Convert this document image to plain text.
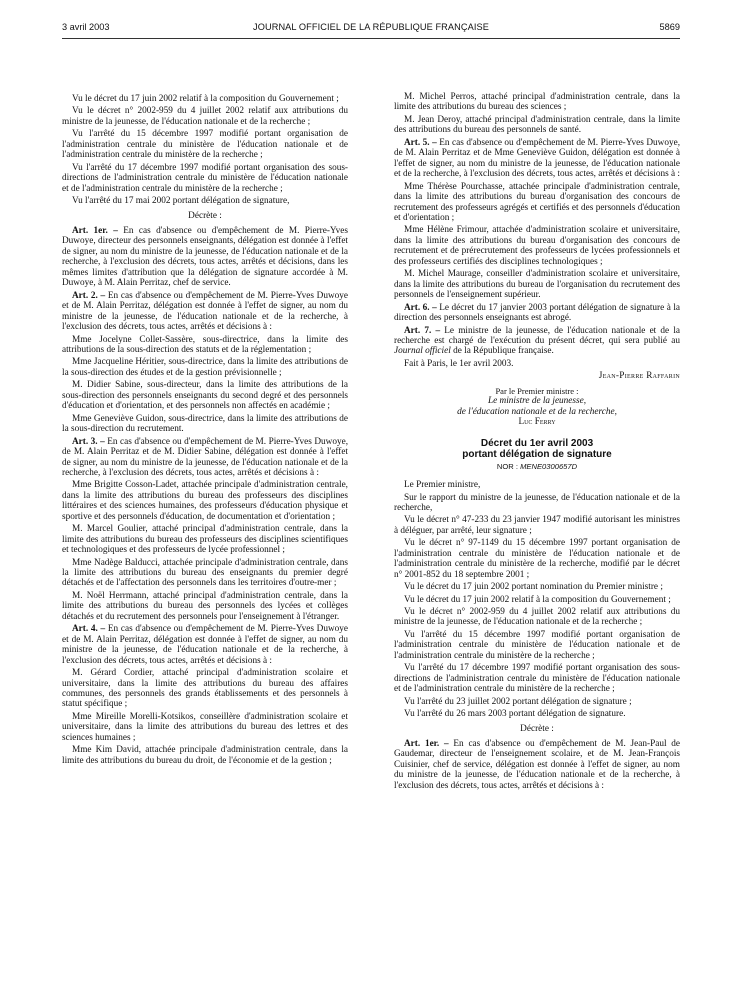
3 avril 2003	JOURNAL OFFICIEL DE LA RÉPUBLIQUE FRANÇAISE	5869

Vu le décret du 17 juin 2002 relatif à la composition du Gouvernement ;

Vu le décret n° 2002-959 du 4 juillet 2002 relatif aux attributions du ministre de la jeunesse, de l'éducation nationale et de la recherche ;

Vu l'arrêté du 15 décembre 1997 modifié portant organisation de l'administration centrale du ministère de l'éducation nationale et de l'administration centrale du ministère de la recherche ;

Vu l'arrêté du 17 décembre 1997 modifié portant organisation des sous-directions de l'administration centrale du ministère de l'éducation nationale et de l'administration centrale du ministère de la recherche ;

Vu l'arrêté du 17 mai 2002 portant délégation de signature,

Décrète :

Art. 1er. – En cas d'absence ou d'empêchement de M. Pierre-Yves Duwoye, directeur des personnels enseignants, délégation est donnée à l'effet de signer, au nom du ministre de la jeunesse, de l'éducation nationale et de la recherche, à l'exclusion des décrets, tous actes, arrêtés et décisions, dans les mêmes limites d'attribution que la délégation de signature accordée à M. Duwoye, à M. Alain Perritaz, chef de service.

Art. 2. – En cas d'absence ou d'empêchement de M. Pierre-Yves Duwoye et de M. Alain Perritaz, délégation est donnée à l'effet de signer, au nom du ministre de la jeunesse, de l'éducation nationale et de la recherche, à l'exclusion des décrets, tous actes, arrêtés et décisions à :

Mme Jocelyne Collet-Sassère, sous-directrice, dans la limite des attributions de la sous-direction des statuts et de la réglementation ;

Mme Jacqueline Héritier, sous-directrice, dans la limite des attributions de la sous-direction des études et de la gestion prévisionnelle ;

M. Didier Sabine, sous-directeur, dans la limite des attributions de la sous-direction des personnels enseignants du second degré et des personnels d'éducation et d'orientation, et des personnels non affectés en académie ;

Mme Geneviève Guidon, sous-directrice, dans la limite des attributions de la sous-direction du recrutement.

Art. 3. – En cas d'absence ou d'empêchement de M. Pierre-Yves Duwoye, de M. Alain Perritaz et de M. Didier Sabine, délégation est donnée à l'effet de signer, au nom du ministre de la jeunesse, de l'éducation nationale et de la recherche, à l'exclusion des décrets, tous actes, arrêtés et décisions à :

Mme Brigitte Cosson-Ladet, attachée principale d'administration centrale, dans la limite des attributions du bureau des professeurs des disciplines littéraires et des sciences humaines, des professeurs d'éducation physique et sportive et des personnels d'éducation, de documentation et d'orientation ;

M. Marcel Goulier, attaché principal d'administration centrale, dans la limite des attributions du bureau des professeurs des disciplines scientifiques et technologiques et des professeurs de lycée professionnel ;

Mme Nadège Balducci, attachée principale d'administration centrale, dans la limite des attributions du bureau des enseignants du premier degré détachés et de l'affectation des personnels dans les territoires d'outre-mer ;

M. Noël Herrmann, attaché principal d'administration centrale, dans la limite des attributions du bureau des personnels des lycées et collèges détachés et du recrutement des personnels pour l'enseignement à l'étranger.

Art. 4. – En cas d'absence ou d'empêchement de M. Pierre-Yves Duwoye et de M. Alain Perritaz, délégation est donnée à l'effet de signer, au nom du ministre de la jeunesse, de l'éducation nationale et de la recherche, à l'exclusion des décrets, tous actes, arrêtés et décisions à :

M. Gérard Cordier, attaché principal d'administration scolaire et universitaire, dans la limite des attributions du bureau des affaires communes, des personnels des grands établissements et des personnels à statut spécifique ;

Mme Mireille Morelli-Kotsikos, conseillère d'administration scolaire et universitaire, dans la limite des attributions du bureau des lettres et des sciences humaines ;

Mme Kim David, attachée principale d'administration centrale, dans la limite des attributions du bureau du droit, de l'économie et de la gestion ;

M. Michel Perros, attaché principal d'administration centrale, dans la limite des attributions du bureau des sciences ;

M. Jean Deroy, attaché principal d'administration centrale, dans la limite des attributions du bureau des personnels de santé.

Art. 5. – En cas d'absence ou d'empêchement de M. Pierre-Yves Duwoye, de M. Alain Perritaz et de Mme Geneviève Guidon, délégation est donnée à l'effet de signer, au nom du ministre de la jeunesse, de l'éducation nationale et de la recherche, à l'exclusion des décrets, tous actes, arrêtés et décisions à :

Mme Thérèse Pourchasse, attachée principale d'administration centrale, dans la limite des attributions du bureau d'organisation des concours de recrutement des professeurs agrégés et certifiés et des personnels d'éducation et d'orientation ;

Mme Hélène Frimour, attachée d'administration scolaire et universitaire, dans la limite des attributions du bureau d'organisation des concours de recrutement et de prérecrutement des professeurs de lycées professionnels et des professeurs certifiés des disciplines technologiques ;

M. Michel Maurage, conseiller d'administration scolaire et universitaire, dans la limite des attributions du bureau de l'organisation du recrutement des personnels de l'enseignement supérieur.

Art. 6. – Le décret du 17 janvier 2003 portant délégation de signature à la direction des personnels enseignants est abrogé.

Art. 7. – Le ministre de la jeunesse, de l'éducation nationale et de la recherche est chargé de l'exécution du présent décret, qui sera publié au Journal officiel de la République française.

Fait à Paris, le 1er avril 2003.

Jean-Pierre Raffarin

Par le Premier ministre :

Le ministre de la jeunesse,

de l'éducation nationale et de la recherche,

Luc Ferry

Décret du 1er avril 2003
portant délégation de signature
NOR : MENE0300657D

Le Premier ministre,

Sur le rapport du ministre de la jeunesse, de l'éducation nationale et de la recherche,

Vu le décret n° 47-233 du 23 janvier 1947 modifié autorisant les ministres à déléguer, par arrêté, leur signature ;

Vu le décret n° 97-1149 du 15 décembre 1997 portant organisation de l'administration centrale du ministère de l'éducation nationale et de l'administration centrale du ministère de la recherche, modifié par le décret n° 2001-852 du 18 septembre 2001 ;

Vu le décret du 17 juin 2002 portant nomination du Premier ministre ;

Vu le décret du 17 juin 2002 relatif à la composition du Gouvernement ;

Vu le décret n° 2002-959 du 4 juillet 2002 relatif aux attributions du ministre de la jeunesse, de l'éducation nationale et de la recherche ;

Vu l'arrêté du 15 décembre 1997 modifié portant organisation de l'administration centrale du ministère de l'éducation nationale et de l'administration centrale du ministère de la recherche ;

Vu l'arrêté du 17 décembre 1997 modifié portant organisation des sous-directions de l'administration centrale du ministère de l'éducation nationale et de l'administration centrale du ministère de la recherche ;

Vu l'arrêté du 23 juillet 2002 portant délégation de signature ;

Vu l'arrêté du 26 mars 2003 portant délégation de signature.

Décrète :

Art. 1er. – En cas d'absence ou d'empêchement de M. Jean-Paul de Gaudemar, directeur de l'enseignement scolaire, et de M. Jean-François Cuisinier, chef de service, délégation est donnée à l'effet de signer, au nom du ministre de la jeunesse, de l'éducation nationale et de la recherche, à l'exclusion des décrets, tous actes, arrêtés et décisions à :
